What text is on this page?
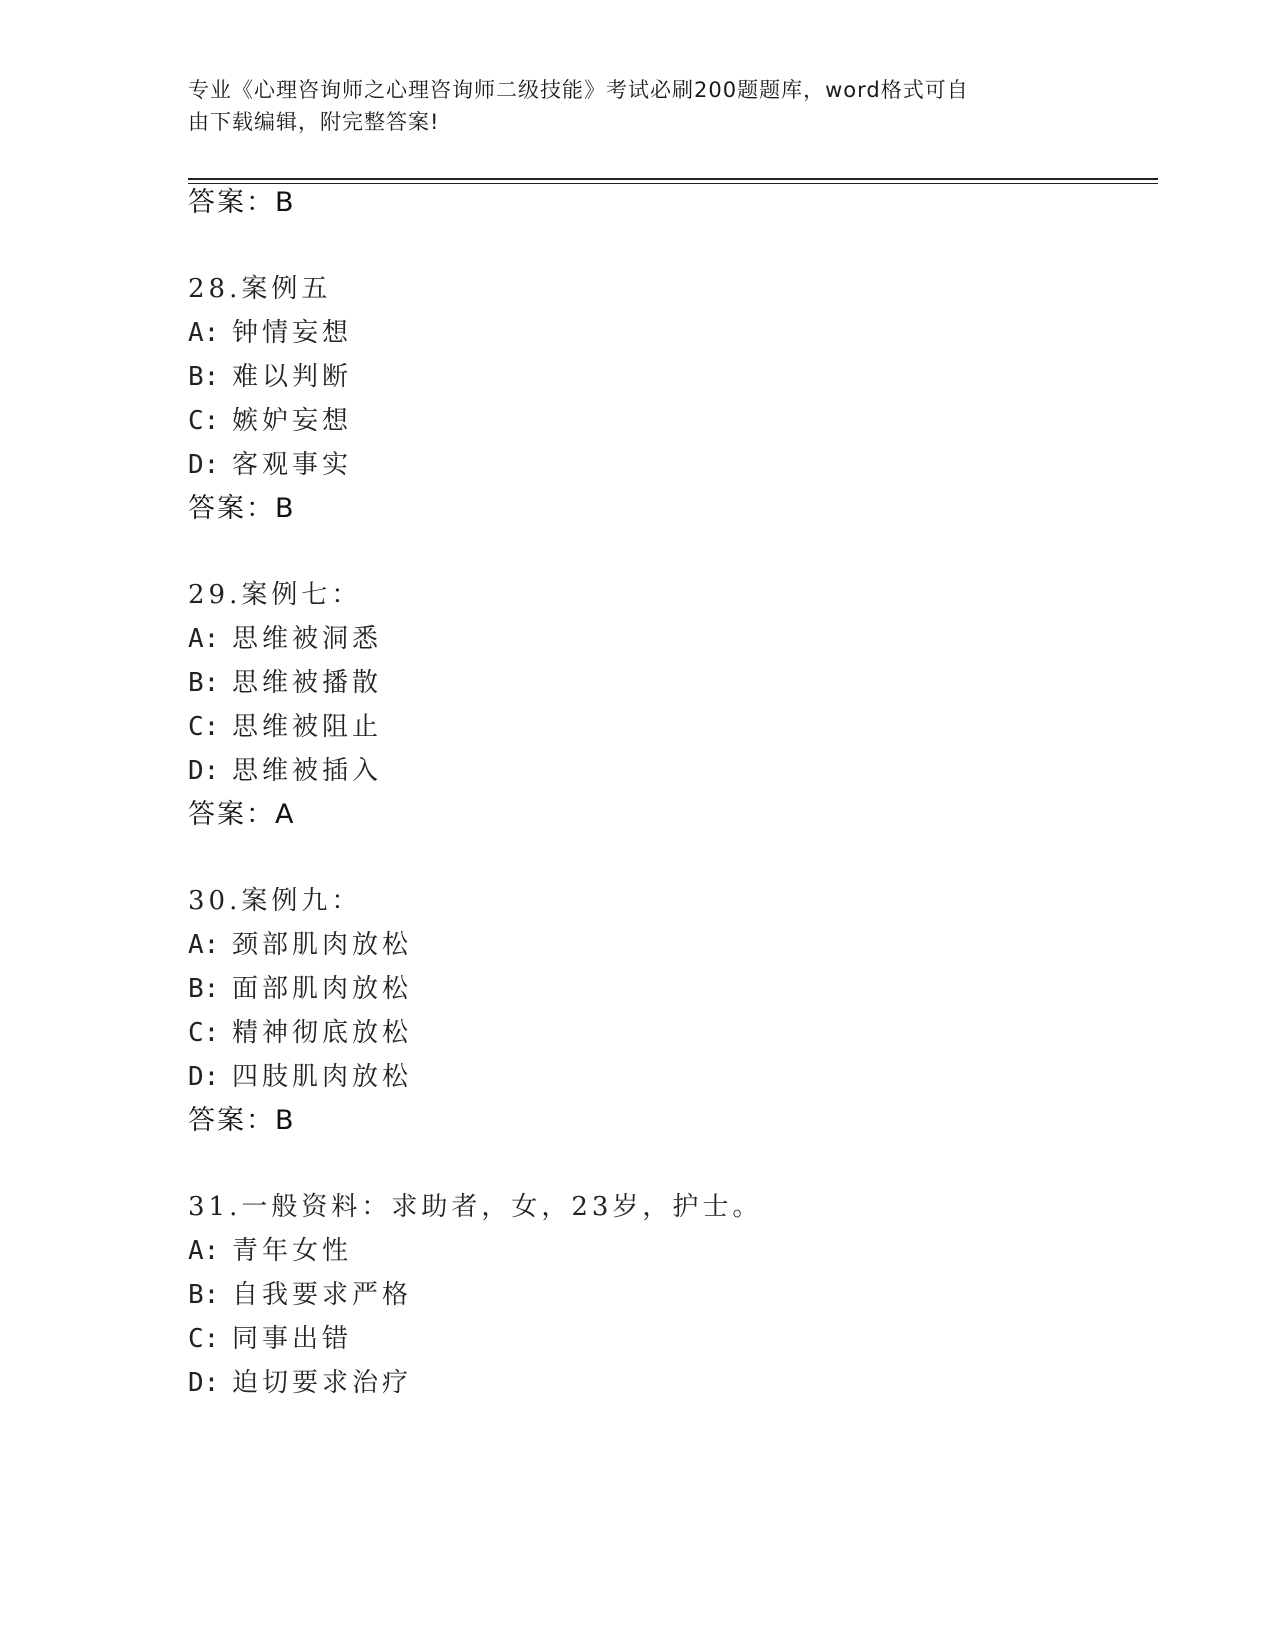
专业《心理咨询师之心理咨询师二级技能》考试必刷200题题库，word格式可自
由下载编辑，附完整答案!
答案：B
28.案例五
A: 钟情妄想
B: 难以判断
C: 嫉妒妄想
D: 客观事实
答案：B
29.案例七：
A: 思维被洞悉
B: 思维被播散
C: 思维被阻止
D: 思维被插入
答案：A
30.案例九：
A: 颈部肌肉放松
B: 面部肌肉放松
C: 精神彻底放松
D: 四肢肌肉放松
答案：B
31.一般资料：求助者，女，23岁，护士。
A: 青年女性
B: 自我要求严格
C: 同事出错
D: 迫切要求治疗
